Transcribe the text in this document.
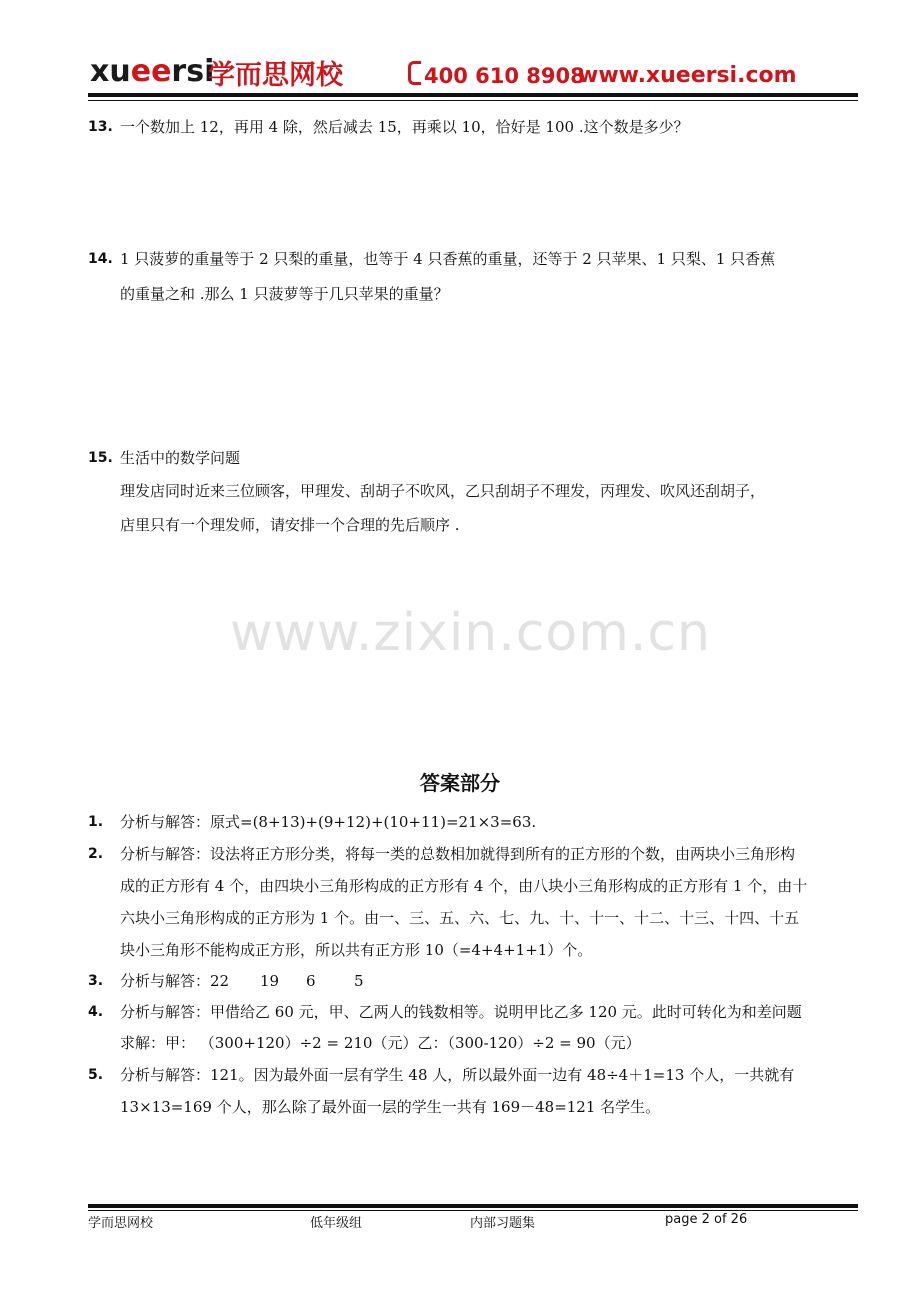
xueersi
学而思网校	400 610 8908
www.xueersi.com
13. 一个数加上 12，再用 4 除，然后减去 15，再乘以 10，恰好是 100 .这个数是多少？
14. 1 只菠萝的重量等于 2 只梨的重量，也等于 4 只香蕉的重量，还等于 2 只苹果、1 只梨、1 只香蕉
的重量之和 .那么 1 只菠萝等于几只苹果的重量？
15. 生活中的数学问题
理发店同时近来三位顾客，甲理发、刮胡子不吹风，乙只刮胡子不理发，丙理发、吹风还刮胡子，
店里只有一个理发师，请安排一个合理的先后顺序 .
www.zixin.com.cn
答案部分
1. 分析与解答：原式=(8+13)+(9+12)+(10+11)=21×3=63.
2. 分析与解答：设法将正方形分类，将每一类的总数相加就得到所有的正方形的个数，由两块小三角形构
成的正方形有 4 个，由四块小三角形构成的正方形有 4 个，由八块小三角形构成的正方形有 1 个，由十
六块小三角形构成的正方形为 1 个。由一、三、五、六、七、九、十、十一、十二、十三、十四、十五
块小三角形不能构成正方形，所以共有正方形 10（=4+4+1+1）个。
3. 分析与解答：22 19 6	5
4. 分析与解答：甲借给乙 60 元，甲、乙两人的钱数相等。说明甲比乙多 120 元。此时可转化为和差问题
求解：甲： （300+120）÷2 = 210（元）乙：（300-120）÷2 = 90（元）
5. 分析与解答：121。因为最外面一层有学生 48 人，所以最外面一边有 48÷4＋1=13 个人，一共就有
13×13=169 个人，那么除了最外面一层的学生一共有 169－48=121 名学生。
学而思网校	低年级组	内部习题集	page 2 of 26
